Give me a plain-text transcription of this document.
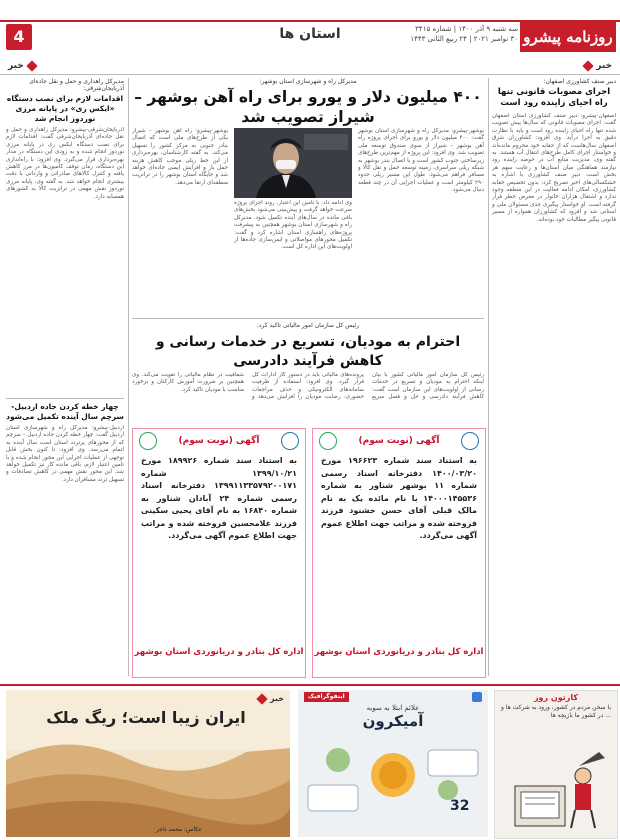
روزنامه پیشرو
4	استان ها	سه شنبه ۹ آذر ۱۴۰۰ | شماره ۳۴۱۵
۳۰ نوامبر ۲۰۲۱ | ۲۴ ربیع الثانی ۱۴۴۳
خبر
خبر
دبیر صنف کشاورزی اصفهان:
اجرای مصوبات قانونی تنها راه احیای زاینده رود است
اصفهان-پیشرو: دبیر صنف کشاورزی استان اصفهان گفت: اجرای مصوبات قانونی که سال‌ها پیش تصویب شده تنها راه احیای زاینده رود است و باید با نظارت دقیق به اجرا درآید. وی افزود: کشاورزان شرق اصفهان سال‌هاست که از حقابه خود محروم مانده‌اند و خواستار اجرای کامل طرح‌های انتقال آب هستند. به گفته وی، مدیریت منابع آب در حوضه زاینده رود نیازمند هماهنگی میان استان‌ها و رعایت سهم هر بخش است. دبیر صنف کشاورزی با اشاره به خشکسالی‌های اخیر تصریح کرد: بدون تخصیص حقابه کشاورزی، امکان ادامه فعالیت در این منطقه وجود ندارد و اشتغال هزاران خانوار در معرض خطر قرار گرفته است. او خواستار پیگیری جدی مسئولان ملی و استانی شد و افزود که کشاورزان همواره از مسیر قانونی پیگیر مطالبات خود بوده‌اند.
مدیرکل راه و شهرسازی استان بوشهر:
۴۰۰ میلیون دلار و یورو برای راه آهن بوشهر – شیراز تصویب شد
بوشهر-پیشرو: مدیرکل راه و شهرسازی استان بوشهر گفت: ۴۰۰ میلیون دلار و یورو برای اجرای پروژه راه آهن بوشهر – شیراز از سوی صندوق توسعه ملی تصویب شد. وی افزود: این پروژه از مهم‌ترین طرح‌های زیرساختی جنوب کشور است و با اتصال بندر بوشهر به شبکه ریلی سراسری، زمینه توسعه حمل و نقل کالا و مسافر فراهم می‌شود. طول این مسیر ریلی حدود ۲۹۰ کیلومتر است و عملیات اجرایی آن در چند قطعه دنبال می‌شود.
وی ادامه داد: با تامین این اعتبار، روند اجرای پروژه سرعت خواهد گرفت و پیش‌بینی می‌شود بخش‌های باقی مانده در سال‌های آینده تکمیل شود. مدیرکل راه و شهرسازی استان بوشهر همچنین به پیشرفت پروژه‌های راهسازی استان اشاره کرد و گفت: تکمیل محورهای مواصلاتی و ایمن‌سازی جاده‌ها از اولویت‌های این اداره کل است.
بوشهر-پیشرو: راه آهن بوشهر – شیراز یکی از طرح‌های ملی است که اتصال بنادر جنوبی به مرکز کشور را تسهیل می‌کند. به گفته کارشناسان، بهره‌برداری از این خط ریلی موجب کاهش هزینه حمل بار و افزایش ایمنی جاده‌ای خواهد شد و جایگاه استان بوشهر را در ترانزیت منطقه‌ای ارتقا می‌دهد.
مدیرکل راهداری و حمل و نقل جاده‌ای آذربایجان‌شرقی:
اقدامات لازم برای نصب دستگاه «ایکس ری» در پایانه مرزی نوردوز انجام شد
آذربایجان‌شرقی-پیشرو: مدیرکل راهداری و حمل و نقل جاده‌ای آذربایجان‌شرقی گفت: اقدامات لازم برای نصب دستگاه ایکس ری در پایانه مرزی نوردوز انجام شده و به زودی این دستگاه در مدار بهره‌برداری قرار می‌گیرد. وی افزود: با راه‌اندازی این دستگاه، زمان توقف کامیون‌ها در مرز کاهش یافته و کنترل کالاهای صادراتی و وارداتی با دقت بیشتری انجام خواهد شد. به گفته وی، پایانه مرزی نوردوز نقش مهمی در ترانزیت کالا به کشورهای همسایه دارد.
چهار خطه کردن جاده اردبیل-سرچم سال آینده تکمیل می‌شود
اردبیل-پیشرو: مدیرکل راه و شهرسازی استان اردبیل گفت: چهار خطه کردن جاده اردبیل – سرچم که از محورهای پرتردد استان است سال آینده به اتمام می‌رسد. وی افزود: تا کنون بخش قابل توجهی از عملیات اجرایی این محور انجام شده و با تامین اعتبار لازم، باقی مانده کار نیز تکمیل خواهد شد. این محور نقش مهمی در کاهش تصادفات و تسهیل تردد مسافران دارد.
رئیس کل سازمان امور مالیاتی تاکید کرد:
احترام به مودیان، تسریع در خدمات رسانی و کاهش فرآیند دادرسی
رئیس کل سازمان امور مالیاتی کشور با بیان اینکه احترام به مودیان و تسریع در خدمات رسانی از اولویت‌های این سازمان است گفت: کاهش فرآیند دادرسی و حل و فصل سریع پرونده‌های مالیاتی باید در دستور کار ادارات کل قرار گیرد. وی افزود: استفاده از ظرفیت سامانه‌های الکترونیکی و حذف مراجعات حضوری، رضایت مودیان را افزایش می‌دهد و شفافیت در نظام مالیاتی را تقویت می‌کند. وی همچنین بر ضرورت آموزش کارکنان و برخورد مناسب با مودیان تاکید کرد.
آگهی (نوبت سوم)
به استناد سند شماره ۱۹۶۶۲۳ مورخ ۱۴۰۰/۰۳/۲۰ دفترخانه اسناد رسمی شماره ۱۱ بوشهر شناور به شماره ۱۴۰۰۰۱۴۵۵۳۶ با نام مائده یک به نام مالک قبلی آقای حسن خشنود فرزند فروخته شده و مراتب جهت اطلاع عموم آگهی می‌گردد.
اداره کل بنادر و دریانوردی استان بوشهر
آگهی (نوبت سوم)
به استناد سند شماره ۱۸۹۹۲۶ مورخ ۱۳۹۹/۱۰/۲۱ شماره ۱۳۹۹۱۱۳۳۵۷۹۲۰۰۱۷۱ دفترخانه اسناد رسمی شماره ۲۴ آبادان شناور به شماره ۱۶۸۴۰ به نام آقای یحیی سکینی فرزند غلامحسین فروخته شده و مراتب جهت اطلاع عموم آگهی می‌گردد.
اداره کل بنادر و دریانوردی استان بوشهر
کارتون روز
با سخن مردم در کشور، ورود به شرکت ها و ... در کشور ما بازیچه ها
اینفوگرافیک
علائم ابتلا به سویه
آمیکرون
32
خبر
ایران زیبا است؛ ریگ ملک
عکاس: محمد تاجر
